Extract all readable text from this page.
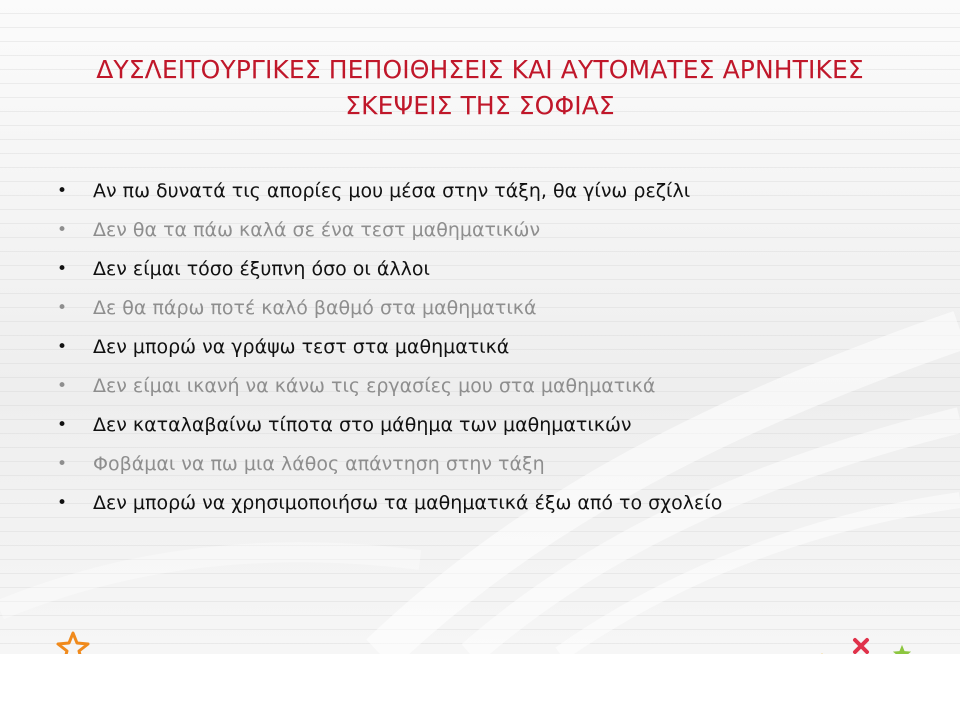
ΔΥΣΛΕΙΤΟΥΡΓΙΚΕΣ ΠΕΠΟΙΘΗΣΕΙΣ ΚΑΙ ΑΥΤΟΜΑΤΕΣ ΑΡΝΗΤΙΚΕΣ
ΣΚΕΨΕΙΣ ΤΗΣ ΣΟΦΙΑΣ
•	Αν πω δυνατά τις απορίες μου μέσα στην τάξη, θα γίνω ρεζίλι
•	Δεν θα τα πάω καλά σε ένα τεστ μαθηματικών
•	Δεν είμαι τόσο έξυπνη όσο οι άλλοι
•	Δε θα πάρω ποτέ καλό βαθμό στα μαθηματικά
•	Δεν μπορώ να γράψω τεστ στα μαθηματικά
•	Δεν είμαι ικανή να κάνω τις εργασίες μου στα μαθηματικά
•	Δεν καταλαβαίνω τίποτα στο μάθημα των μαθηματικών
•	Φοβάμαι να πω μια λάθος απάντηση στην τάξη
•	Δεν μπορώ να χρησιμοποιήσω τα μαθηματικά έξω από το σχολείο
